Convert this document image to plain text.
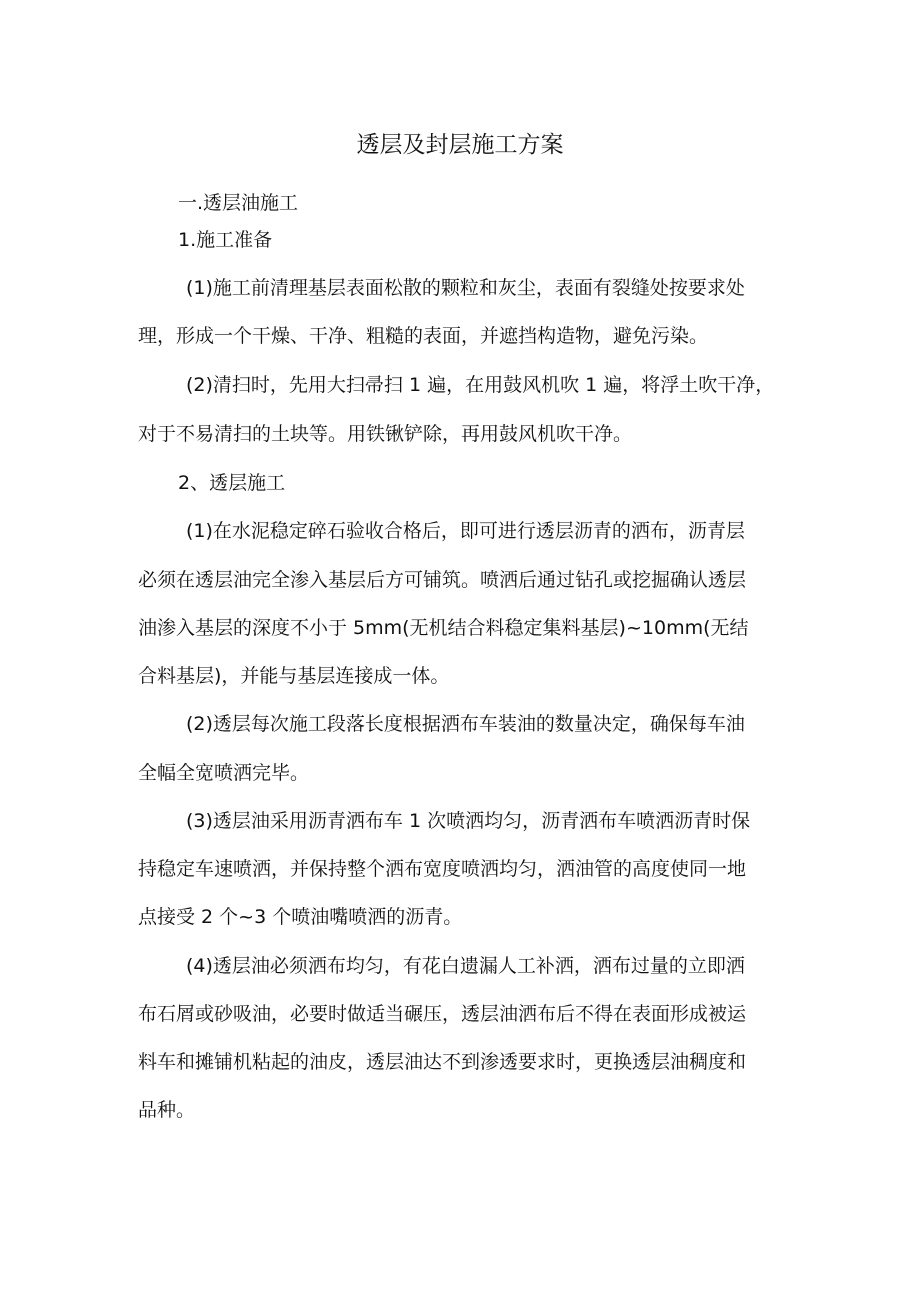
透层及封层施工方案
一.透层油施工
1.施工准备
(1)施工前清理基层表面松散的颗粒和灰尘，表面有裂缝处按要求处
理，形成一个干燥、干净、粗糙的表面，并遮挡构造物，避免污染。
(2)清扫时，先用大扫帚扫 1 遍，在用鼓风机吹 1 遍，将浮土吹干净，
对于不易清扫的土块等。用铁锹铲除，再用鼓风机吹干净。
2、透层施工
(1)在水泥稳定碎石验收合格后，即可进行透层沥青的洒布，沥青层
必须在透层油完全渗入基层后方可铺筑。喷洒后通过钻孔或挖掘确认透层
油渗入基层的深度不小于 5mm(无机结合料稳定集料基层)~10mm(无结
合料基层)，并能与基层连接成一体。
(2)透层每次施工段落长度根据洒布车装油的数量决定，确保每车油
全幅全宽喷洒完毕。
(3)透层油采用沥青洒布车 1 次喷洒均匀，沥青洒布车喷洒沥青时保
持稳定车速喷洒，并保持整个洒布宽度喷洒均匀，洒油管的高度使同一地
点接受 2 个~3 个喷油嘴喷洒的沥青。
(4)透层油必须洒布均匀，有花白遗漏人工补洒，洒布过量的立即洒
布石屑或砂吸油，必要时做适当碾压，透层油洒布后不得在表面形成被运
料车和摊铺机粘起的油皮，透层油达不到渗透要求时，更换透层油稠度和
品种。
